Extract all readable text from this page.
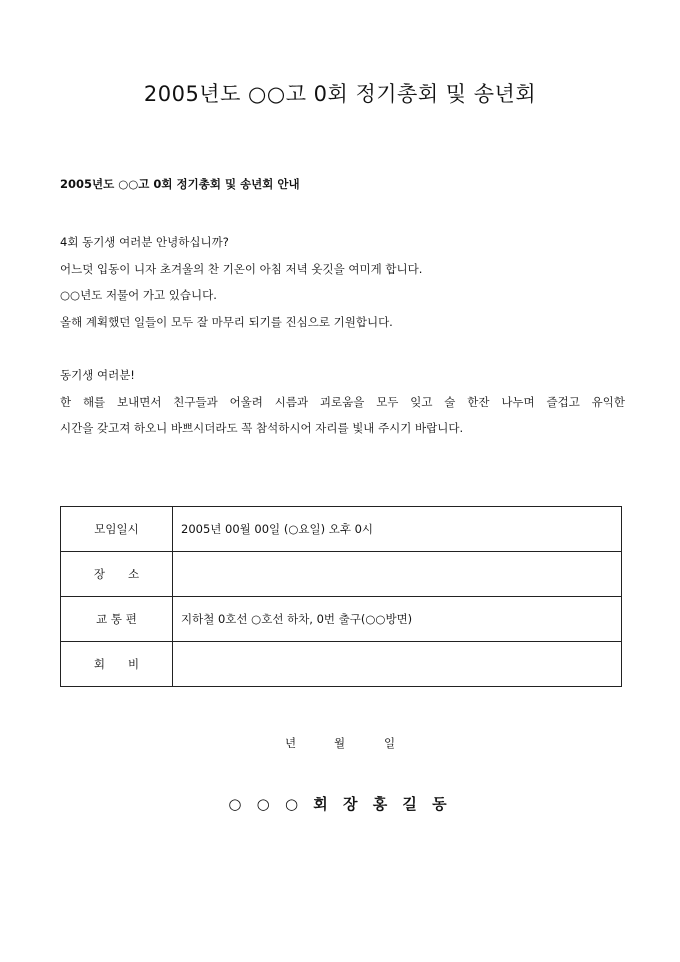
2005년도 ○○고 0회 정기총회 및 송년회
2005년도 ○○고 0회 정기총회 및 송년회 안내

4회 동기생 여러분 안녕하십니까?

어느덧 입동이 니자 초겨울의 찬 기온이 아침 저녁 옷깃을 여미게 합니다.

○○년도 저물어 가고 있습니다.

올해 계획했던 일들이 모두 잘 마무리 되기를 진심으로 기원합니다.

동기생 여러분!

한 해를 보내면서 친구들과 어울려 시름과 괴로움을 모두 잊고 술 한잔 나누며 즐겁고 유익한

시간을 갖고져 하오니 바쁘시더라도 꼭 참석하시어 자리를 빛내 주시기 바랍니다.

모임일시	2005년 00월 00일 (○요일) 오후 0시
장　　소	
교 통 편	지하철 0호선 ○호선 하차, 0번 출구(○○방면)
회　　비	
년	월	일
○ ○ ○ 회 장 홍 길 동
